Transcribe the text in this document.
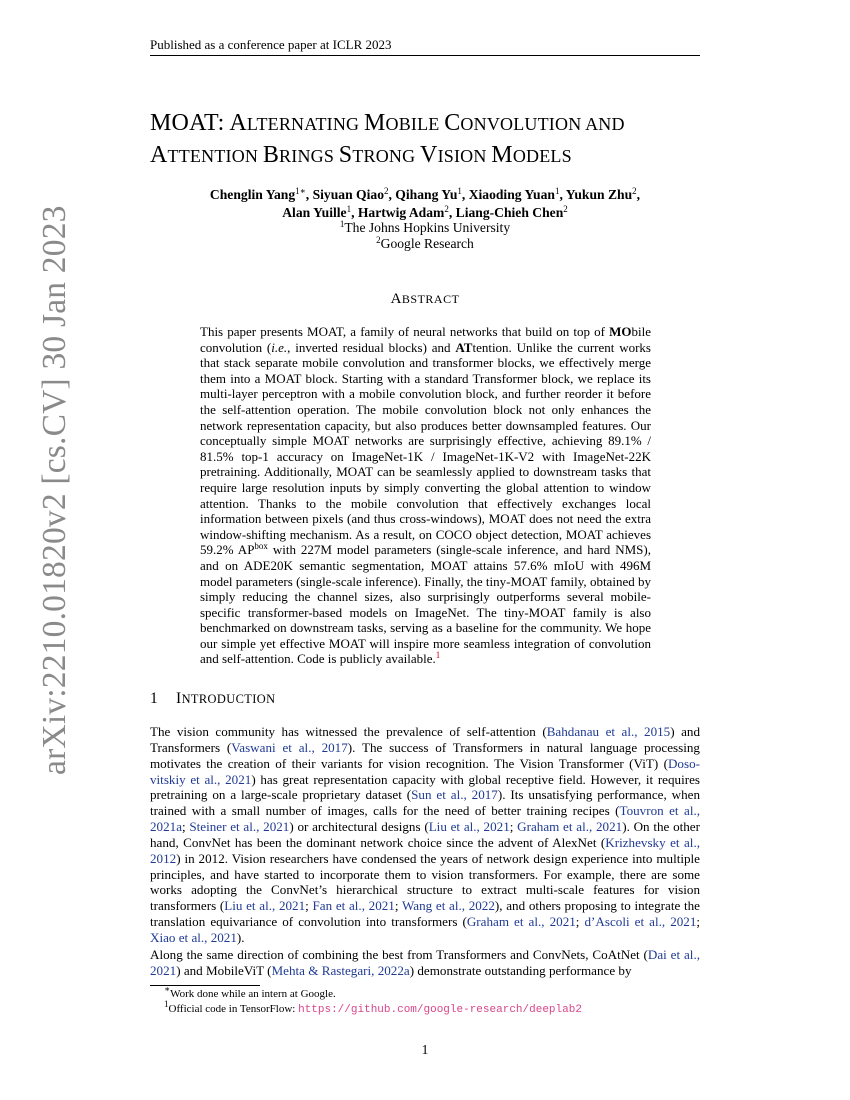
Published as a conference paper at ICLR 2023
MOAT: ALTERNATING MOBILE CONVOLUTION AND
ATTENTION BRINGS STRONG VISION MODELS
Chenglin Yang$^{1∗}$, Siyuan Qiao$^2$, Qihang Yu$^1$, Xiaoding Yuan$^1$, Yukun Zhu$^2$,
Alan Yuille$^1$, Hartwig Adam$^2$, Liang-Chieh Chen$^2$
$^1$The Johns Hopkins University
$^2$Google Research
ABSTRACT
This paper presents MOAT, a family of neural networks that build on top of MObile convolution (i.e., inverted residual blocks) and ATtention. Unlike the current works that stack separate mobile convolution and transformer blocks, we effectively merge them into a MOAT block. Starting with a standard Transformer block, we replace its multi-layer perceptron with a mobile convolution block, and further reorder it before the self-attention operation. The mobile convolution block not only enhances the network representation capacity, but also produces better downsampled features. Our conceptually simple MOAT networks are surprisingly effective, achieving 89.1% / 81.5% top-1 accuracy on ImageNet-1K / ImageNet-1K-V2 with ImageNet-22K pretraining. Additionally, MOAT can be seamlessly applied to downstream tasks that require large resolution inputs by simply converting the global attention to window attention. Thanks to the mobile convolution that effectively exchanges local information between pixels (and thus cross-windows), MOAT does not need the extra window-shifting mechanism. As a result, on COCO object detection, MOAT achieves 59.2% $AP^{box}$ with 227M model parameters (single-scale inference, and hard NMS), and on ADE20K semantic segmentation, MOAT attains 57.6% mIoU with 496M model parameters (single-scale inference). Finally, the tiny-MOAT family, obtained by simply reducing the channel sizes, also surprisingly outperforms several mobile-specific transformer-based models on ImageNet. The tiny-MOAT family is also benchmarked on downstream tasks, serving as a baseline for the community. We hope our simple yet effective MOAT will inspire more seamless integration of convolution and self-attention. Code is publicly available.$^1$
1 INTRODUCTION
The vision community has witnessed the prevalence of self-attention (Bahdanau et al., 2015) and Transformers (Vaswani et al., 2017). The success of Transformers in natural language processing motivates the creation of their variants for vision recognition. The Vision Transformer (ViT) (Dosovitskiy et al., 2021) has great representation capacity with global receptive field. However, it requires pretraining on a large-scale proprietary dataset (Sun et al., 2017). Its unsatisfying performance, when trained with a small number of images, calls for the need of better training recipes (Touvron et al., 2021a; Steiner et al., 2021) or architectural designs (Liu et al., 2021; Graham et al., 2021). On the other hand, ConvNet has been the dominant network choice since the advent of AlexNet (Krizhevsky et al., 2012) in 2012. Vision researchers have condensed the years of network design experience into multiple principles, and have started to incorporate them to vision transformers. For example, there are some works adopting the ConvNet’s hierarchical structure to extract multi-scale features for vision transformers (Liu et al., 2021; Fan et al., 2021; Wang et al., 2022), and others proposing to integrate the translation equivariance of convolution into transformers (Graham et al., 2021; d’Ascoli et al., 2021; Xiao et al., 2021).
Along the same direction of combining the best from Transformers and ConvNets, CoAtNet (Dai et al., 2021) and MobileViT (Mehta & Rastegari, 2022a) demonstrate outstanding performance by
∗Work done while an intern at Google.
$^1$Official code in TensorFlow: https://github.com/google-research/deeplab2
1
arXiv:2210.01820v2 [cs.CV] 30 Jan 2023
